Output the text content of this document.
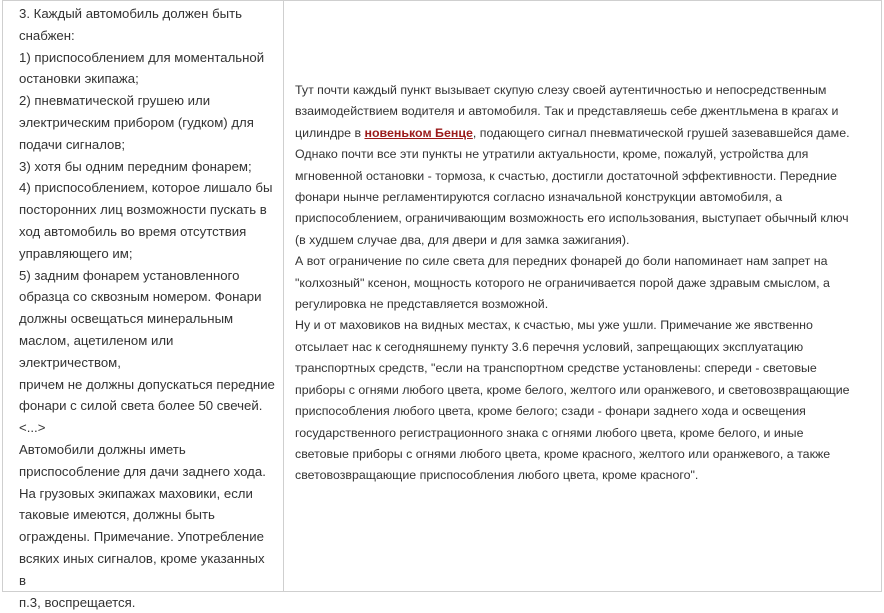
3. Каждый автомобиль должен быть

снабжен:

1) приспособлением для моментальной

остановки экипажа;

2) пневматической грушею или

электрическим прибором (гудком) для

подачи сигналов;

3) хотя бы одним передним фонарем;

4) приспособлением, которое лишало бы

посторонних лиц возможности пускать в

ход автомобиль во время отсутствия

управляющего им;

5) задним фонарем установленного

образца со сквозным номером. Фонари

должны освещаться минеральным

маслом, ацетиленом или электричеством,

причем не должны допускаться передние

фонари с силой света более 50 свечей.

<...>

Автомобили должны иметь

приспособление для дачи заднего хода.

На грузовых экипажах маховики, если

таковые имеются, должны быть

ограждены. Примечание. Употребление

всяких иных сигналов, кроме указанных в

п.3, воспрещается.

Тут почти каждый пункт вызывает скупую слезу своей аутентичностью и непосредственным

взаимодействием водителя и автомобиля. Так и представляешь себе джентльмена в крагах и

цилиндре в новеньком Бенце, подающего сигнал пневматической грушей зазевавшейся даме.

Однако почти все эти пункты не утратили актуальности, кроме, пожалуй, устройства для

мгновенной остановки - тормоза, к счастью, достигли достаточной эффективности. Передние

фонари нынче регламентируются согласно изначальной конструкции автомобиля, а

приспособлением, ограничивающим возможность его использования, выступает обычный ключ

(в худшем случае два, для двери и для замка зажигания).

А вот ограничение по силе света для передних фонарей до боли напоминает нам запрет на

"колхозный" ксенон, мощность которого не ограничивается порой даже здравым смыслом, а

регулировка не представляется возможной.

Ну и от маховиков на видных местах, к счастью, мы уже ушли. Примечание же явственно

отсылает нас к сегодняшнему пункту 3.6 перечня условий, запрещающих эксплуатацию

транспортных средств, "если на транспортном средстве установлены: спереди - световые

приборы с огнями любого цвета, кроме белого, желтого или оранжевого, и световозвращающие

приспособления любого цвета, кроме белого; сзади - фонари заднего хода и освещения

государственного регистрационного знака с огнями любого цвета, кроме белого, и иные

световые приборы с огнями любого цвета, кроме красного, желтого или оранжевого, а также

световозвращающие приспособления любого цвета, кроме красного".
